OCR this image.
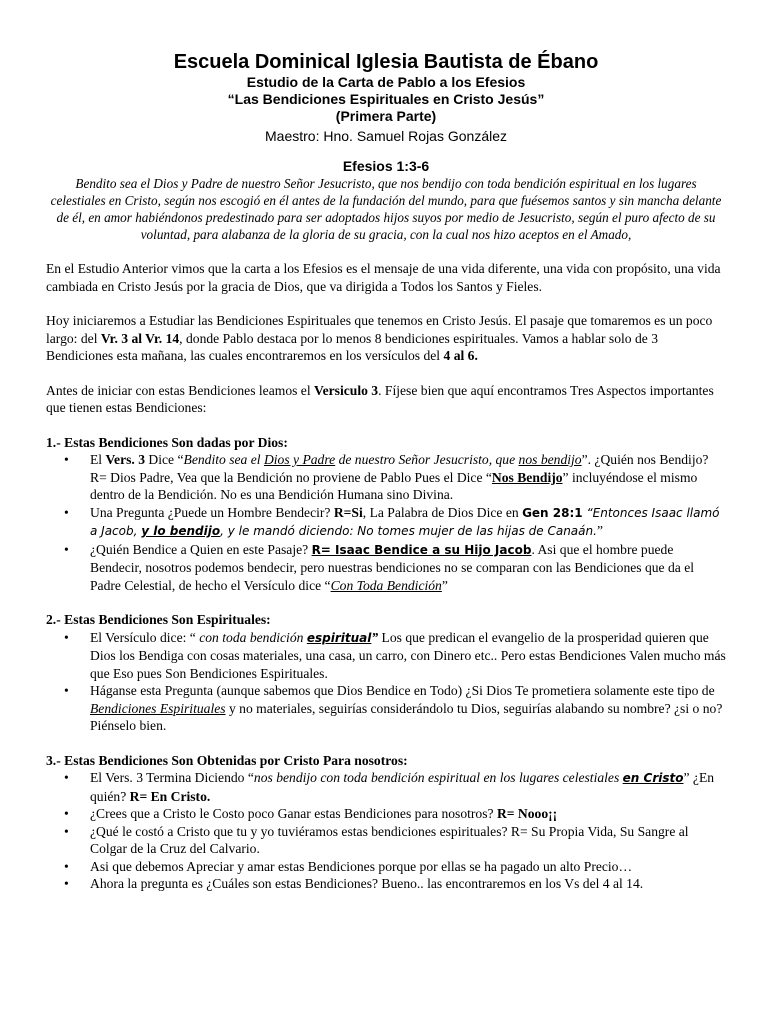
Escuela Dominical Iglesia Bautista de Ébano
Estudio de la Carta de Pablo a los Efesios
“Las Bendiciones Espirituales en Cristo Jesús”
(Primera Parte)
Maestro: Hno. Samuel Rojas González
Efesios 1:3-6
Bendito sea el Dios y Padre de nuestro Señor Jesucristo, que nos bendijo con toda bendición espiritual en los lugares celestiales en Cristo, según nos escogió en él antes de la fundación del mundo, para que fuésemos santos y sin mancha delante de él, en amor habiéndonos predestinado para ser adoptados hijos suyos por medio de Jesucristo, según el puro afecto de su voluntad, para alabanza de la gloria de su gracia, con la cual nos hizo aceptos en el Amado,

En el Estudio Anterior vimos que la carta a los Efesios es el mensaje de una vida diferente, una vida con propósito, una vida cambiada en Cristo Jesús por la gracia de Dios, que va dirigida a Todos los Santos y Fieles.

Hoy iniciaremos a Estudiar las Bendiciones Espirituales que tenemos en Cristo Jesús. El pasaje que tomaremos es un poco largo: del Vr. 3 al Vr. 14, donde Pablo destaca por lo menos 8 bendiciones espirituales. Vamos a hablar solo de 3 Bendiciones esta mañana, las cuales encontraremos en los versículos del 4 al 6.

Antes de iniciar con estas Bendiciones leamos el Versiculo 3. Fíjese bien que aquí encontramos Tres Aspectos importantes que tienen estas Bendiciones:

1.- Estas Bendiciones Son dadas por Dios:

• El Vers. 3 Dice “Bendito sea el Dios y Padre de nuestro Señor Jesucristo, que nos bendijo”. ¿Quién nos Bendijo? R= Dios Padre, Vea que la Bendición no proviene de Pablo Pues el Dice “Nos Bendijo” incluyéndose el mismo dentro de la Bendición. No es una Bendición Humana sino Divina.
• Una Pregunta ¿Puede un Hombre Bendecir? R=Si, La Palabra de Dios Dice en Gen 28:1 “Entonces Isaac llamó a Jacob, y lo bendijo, y le mandó diciendo: No tomes mujer de las hijas de Canaán.”
• ¿Quién Bendice a Quien en este Pasaje? R= Isaac Bendice a su Hijo Jacob. Asi que el hombre puede Bendecir, nosotros podemos bendecir, pero nuestras bendiciones no se comparan con las Bendiciones que da el Padre Celestial, de hecho el Versículo dice “Con Toda Bendición”

2.- Estas Bendiciones Son Espirituales:

• El Versículo dice: “ con toda bendición espiritual” Los que predican el evangelio de la prosperidad quieren que Dios los Bendiga con cosas materiales, una casa, un carro, con Dinero etc.. Pero estas Bendiciones Valen mucho más que Eso pues Son Bendiciones Espirituales.
• Háganse esta Pregunta (aunque sabemos que Dios Bendice en Todo) ¿Si Dios Te prometiera solamente este tipo de Bendiciones Espirituales y no materiales, seguirías considerándolo tu Dios, seguirías alabando su nombre? ¿si o no? Piénselo bien.

3.- Estas Bendiciones Son Obtenidas por Cristo Para nosotros:

• El Vers. 3 Termina Diciendo “nos bendijo con toda bendición espiritual en los lugares celestiales en Cristo” ¿En quién? R= En Cristo.
• ¿Crees que a Cristo le Costo poco Ganar estas Bendiciones para nosotros? R= Nooo¡¡
• ¿Qué le costó a Cristo que tu y yo tuviéramos estas bendiciones espirituales? R= Su Propia Vida, Su Sangre al Colgar de la Cruz del Calvario.
• Asi que debemos Apreciar y amar estas Bendiciones porque por ellas se ha pagado un alto Precio…
• Ahora la pregunta es ¿Cuáles son estas Bendiciones? Bueno.. las encontraremos en los Vs del 4 al 14.
